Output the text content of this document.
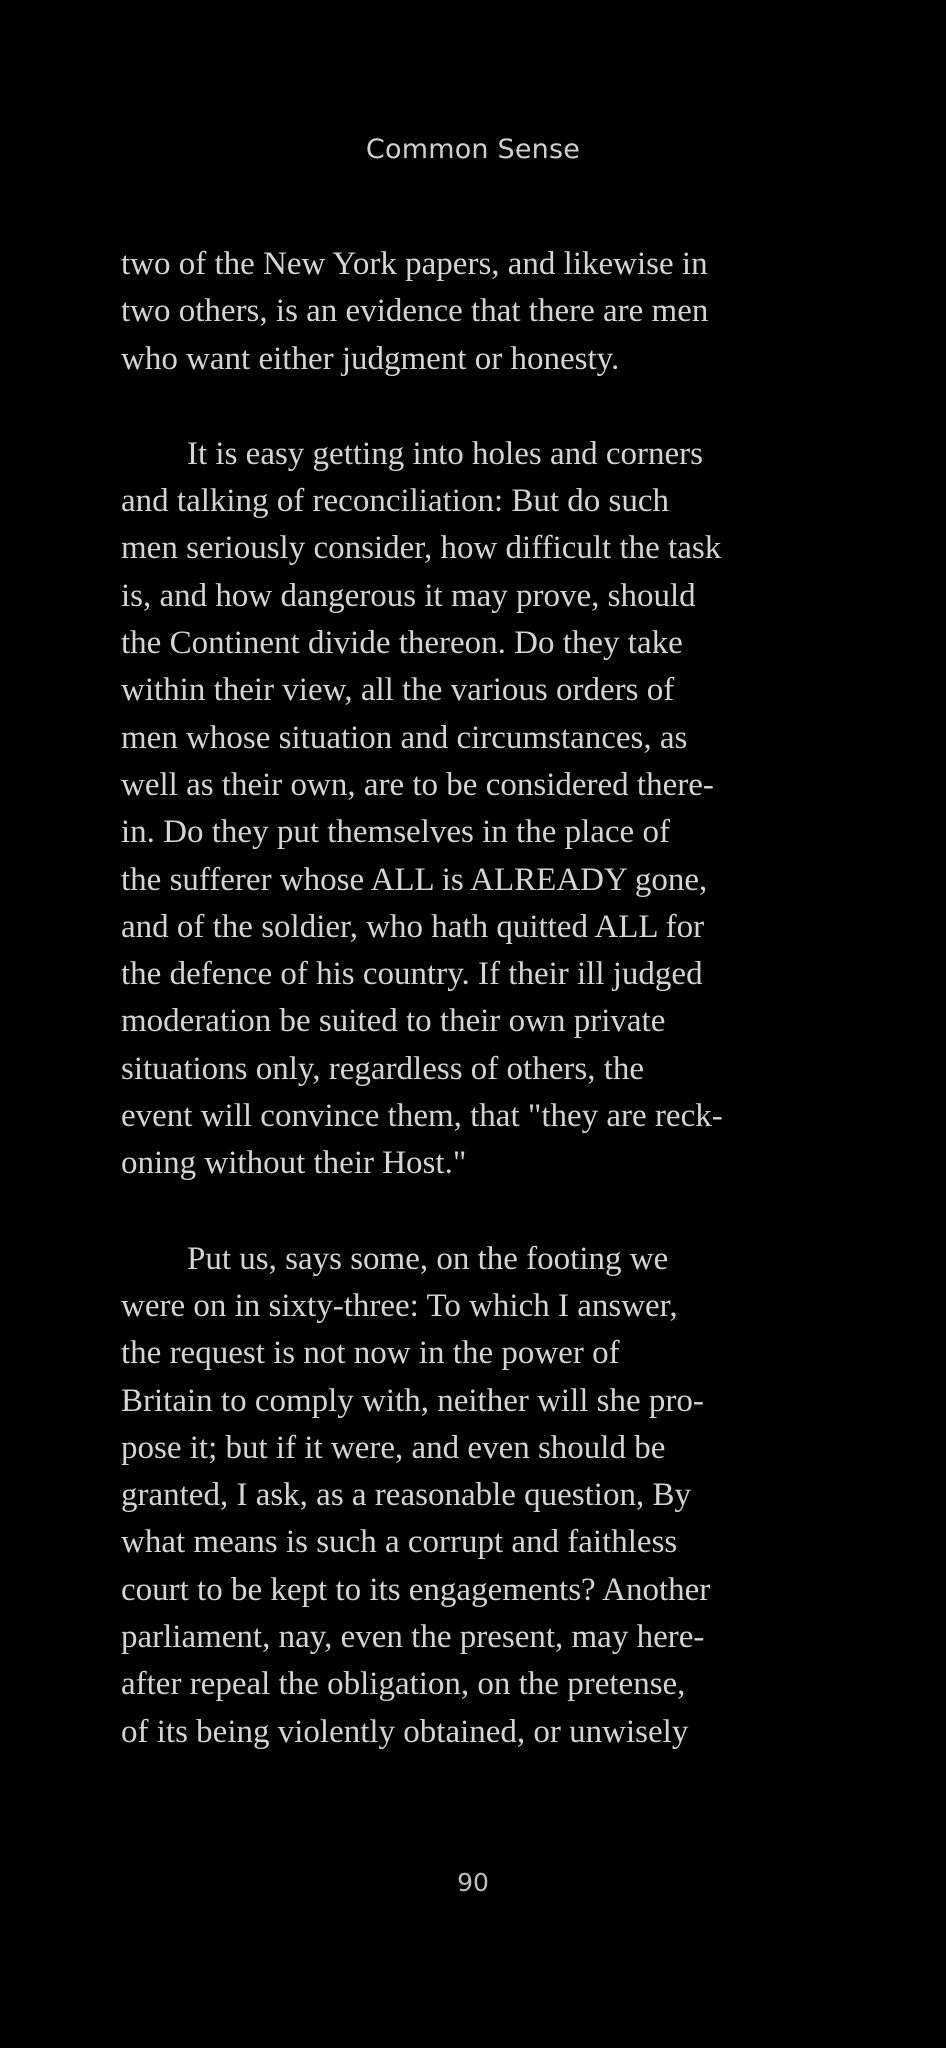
Common Sense
two of the New York papers, and likewise in
two others, is an evidence that there are men
who want either judgment or honesty.
It is easy getting into holes and corners
and talking of reconciliation: But do such
men seriously consider, how difficult the task
is, and how dangerous it may prove, should
the Continent divide thereon. Do they take
within their view, all the various orders of
men whose situation and circumstances, as
well as their own, are to be considered there-
in. Do they put themselves in the place of
the sufferer whose ALL is ALREADY gone,
and of the soldier, who hath quitted ALL for
the defence of his country. If their ill judged
moderation be suited to their own private
situations only, regardless of others, the
event will convince them, that "they are reck-
oning without their Host."
Put us, says some, on the footing we
were on in sixty-three: To which I answer,
the request is not now in the power of
Britain to comply with, neither will she pro-
pose it; but if it were, and even should be
granted, I ask, as a reasonable question, By
what means is such a corrupt and faithless
court to be kept to its engagements? Another
parliament, nay, even the present, may here-
after repeal the obligation, on the pretense,
of its being violently obtained, or unwisely
90
